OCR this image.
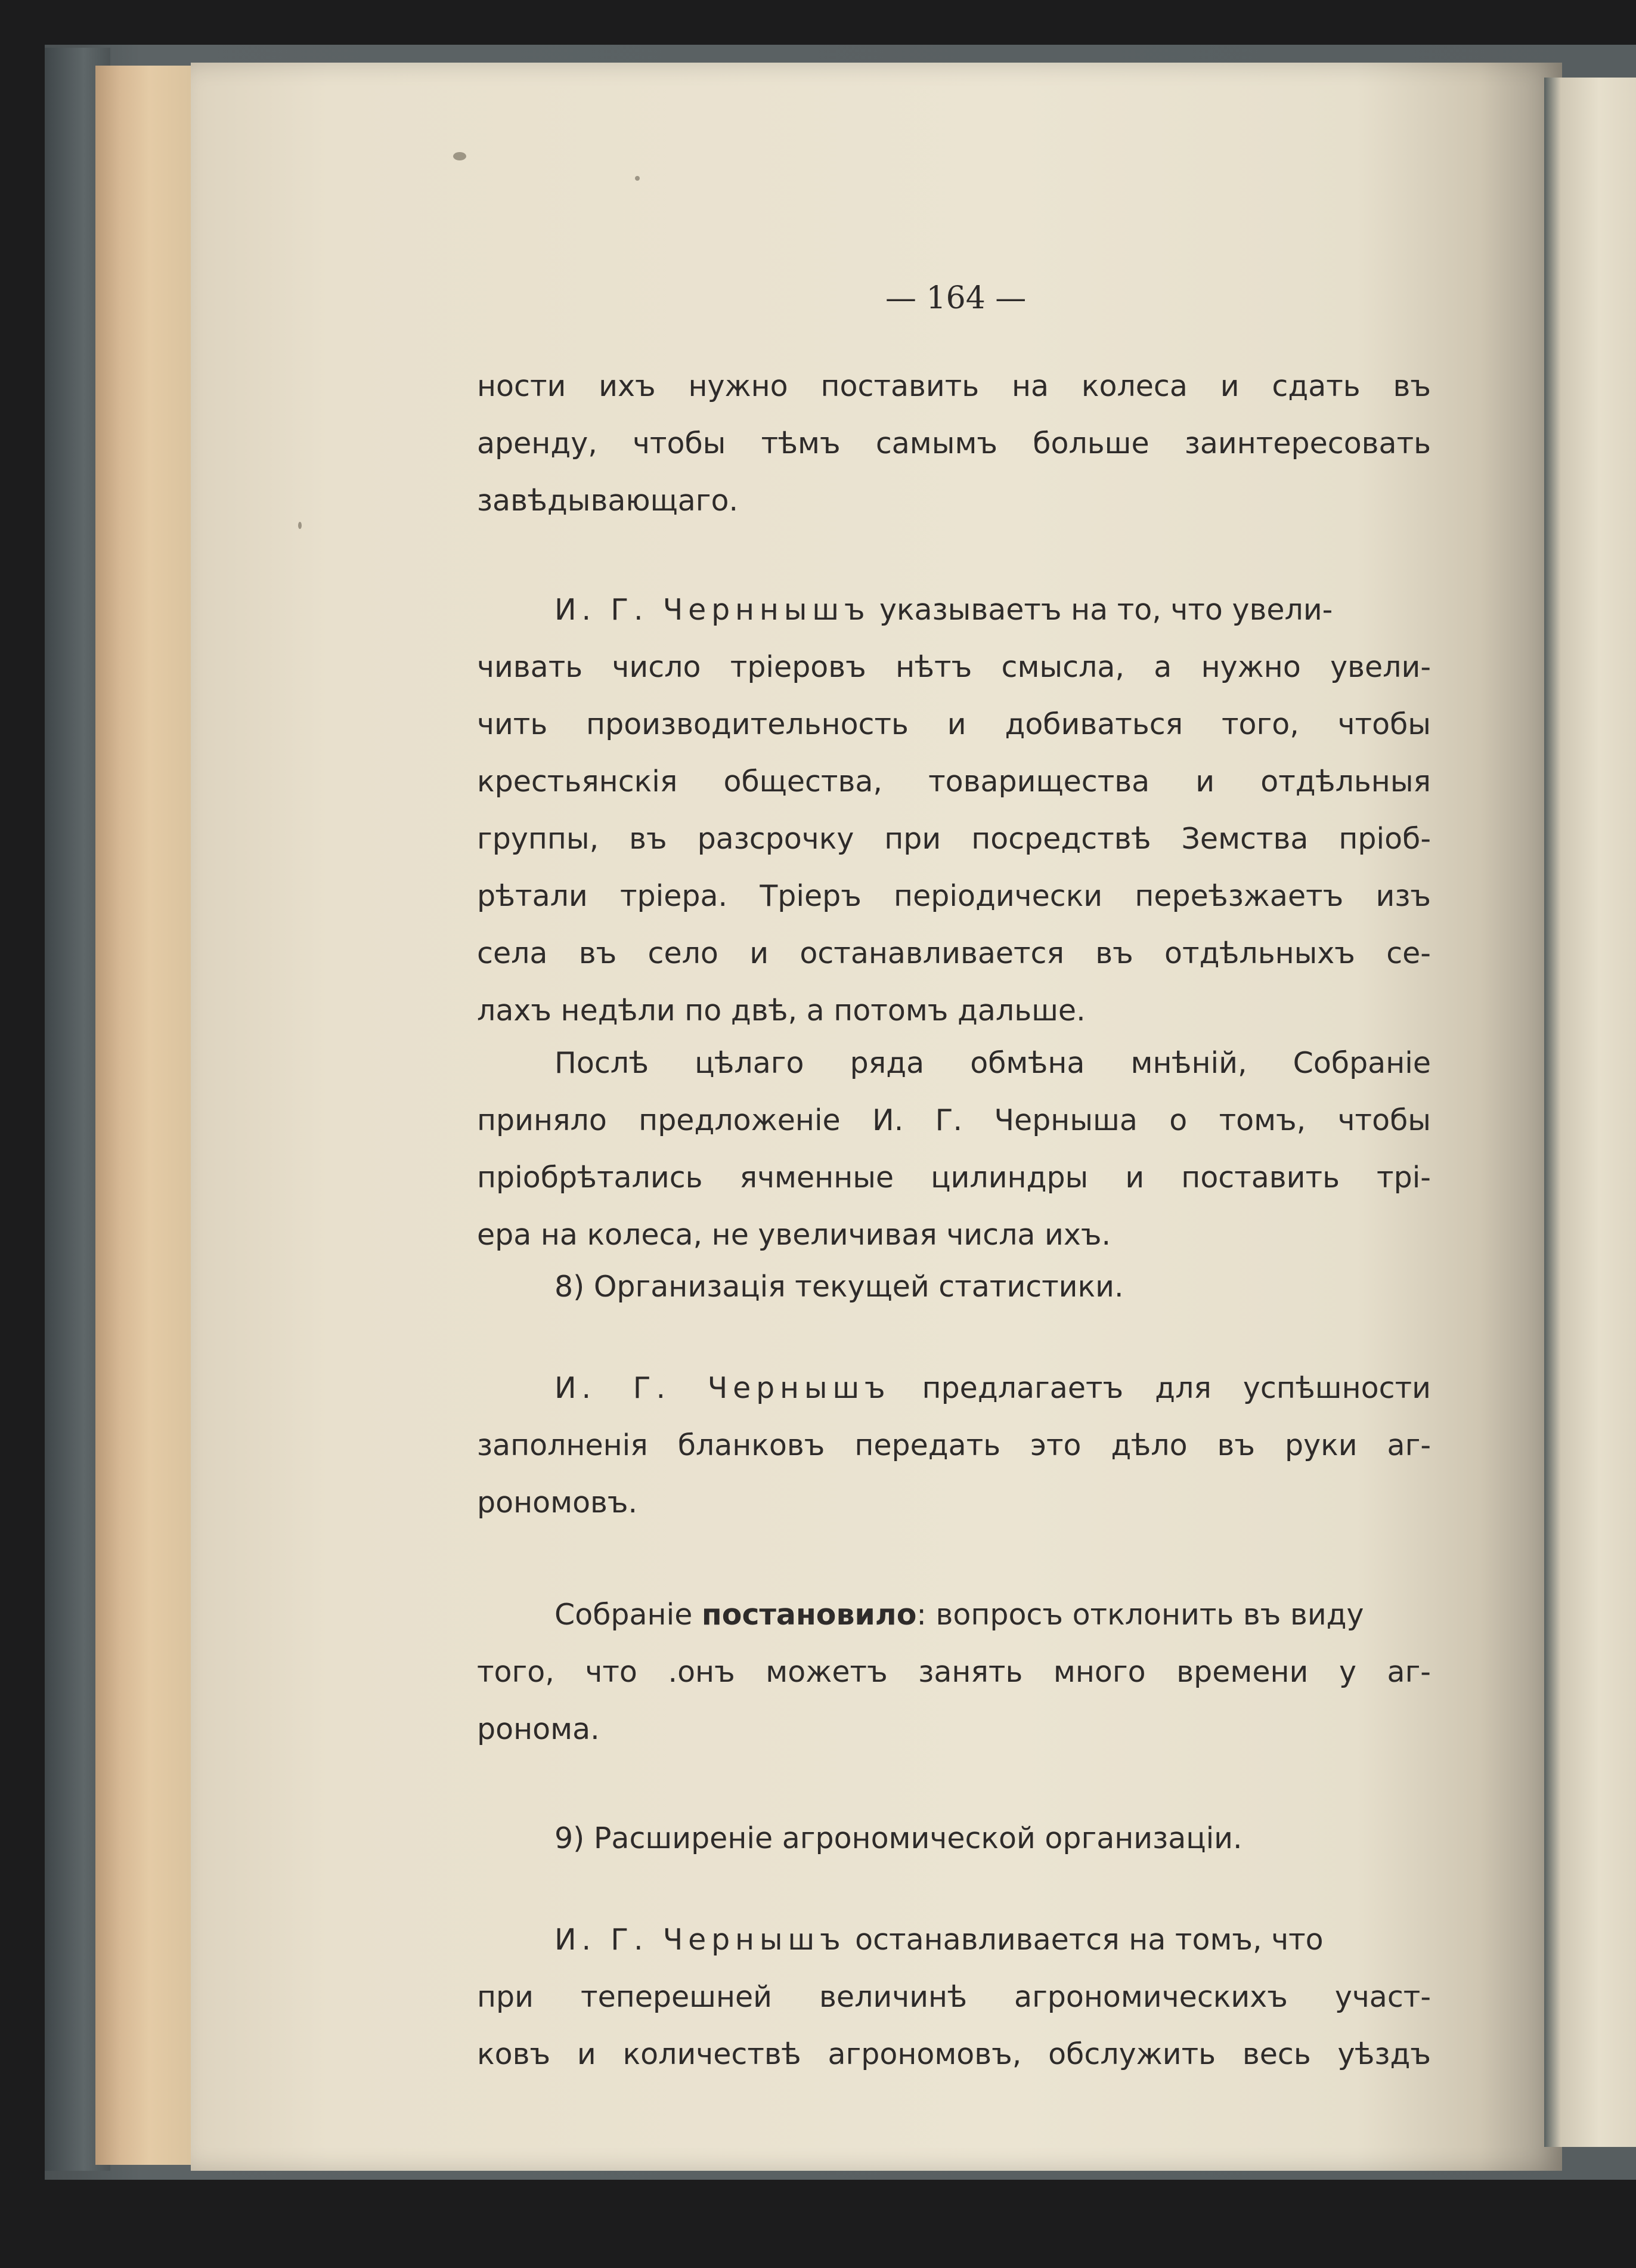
— 164 —
ности ихъ нужно поставить на колеса и сдать въ
аренду, чтобы тѣмъ самымъ больше заинтересовать
завѣдывающаго.
И. Г. Черннышъ указываетъ на то, что увели-
чивать число тріеровъ нѣтъ смысла, а нужно увели-
чить производительность и добиваться того, чтобы
крестьянскія общества, товарищества и отдѣльныя
группы, въ разсрочку при посредствѣ Земства пріоб-
рѣтали тріера. Тріеръ періодически переѣзжаетъ изъ
села въ село и останавливается въ отдѣльныхъ се-
лахъ недѣли по двѣ, а потомъ дальше.
Послѣ цѣлаго ряда обмѣна мнѣній, Собраніе
приняло предложеніе И. Г. Черныша о томъ, чтобы
пріобрѣтались ячменные цилиндры и поставить трі-
ера на колеса, не увеличивая числа ихъ.
8) Организація текущей статистики.
И. Г. Чернышъ предлагаетъ для успѣшности
заполненія бланковъ передать это дѣло въ руки аг-
рономовъ.
Собраніе постановило: вопросъ отклонить въ виду
того, что .онъ можетъ занять много времени у аг-
ронома.
9) Расширеніе агрономической организаціи.
И. Г. Чернышъ останавливается на томъ, что
при теперешней величинѣ агрономическихъ участ-
ковъ и количествѣ агрономовъ, обслужить весь уѣздъ
